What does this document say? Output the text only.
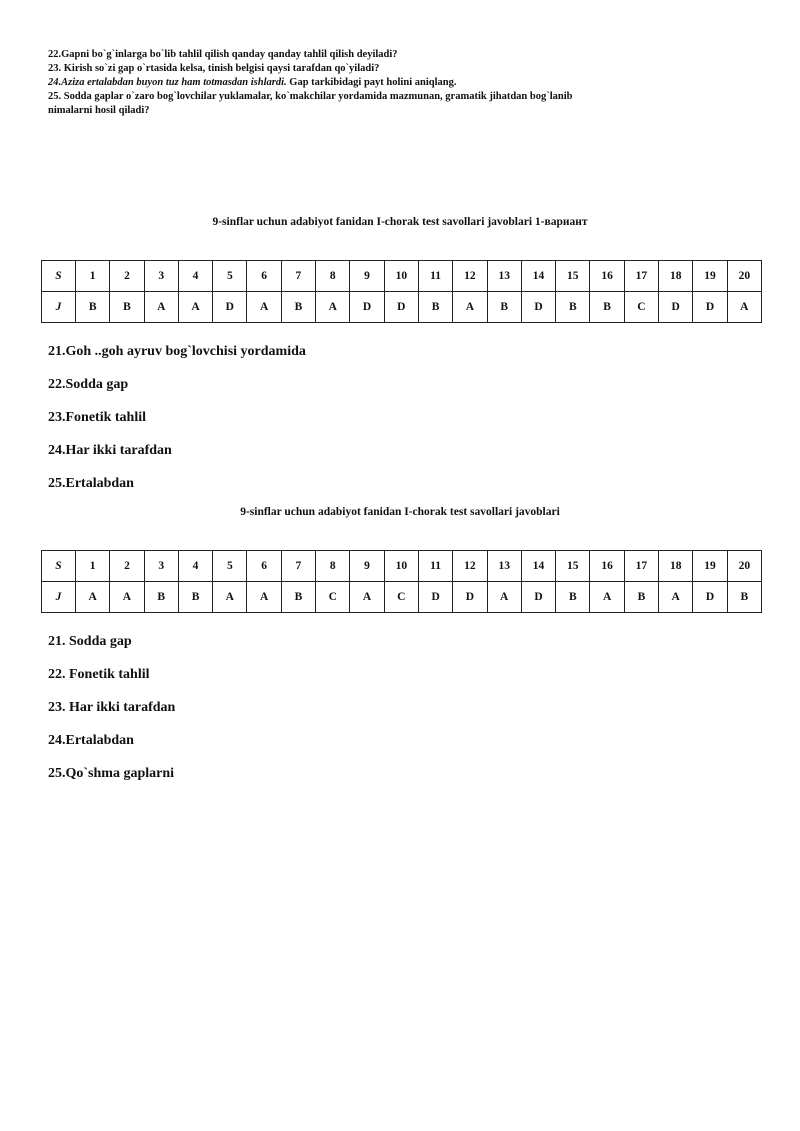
22.Gapni bo`g`inlarga bo`lib tahlil qilish qanday qanday tahlil qilish deyiladi?
23. Kirish so`zi gap o`rtasida kelsa, tinish belgisi qaysi tarafdan qo`yiladi?
24.Aziza ertalabdan buyon tuz ham totmasdan ishlardi. Gap tarkibidagi payt holini aniqlang.
25. Sodda gaplar o`zaro bog`lovchilar yuklamalar, ko`makchilar yordamida mazmunan, gramatik jihatdan bog`lanib
nimalarni hosil qiladi?
9-sinflar uchun adabiyot fanidan I-chorak test savollari javoblari 1-вариант
S	1	2	3	4	5	6	7	8	9	10	11	12	13	14	15	16	17	18	19	20
J	B	B	A	A	D	A	B	A	D	D	B	A	B	D	B	B	C	D	D	A
21.Goh ..goh ayruv bog`lovchisi yordamida
22.Sodda gap
23.Fonetik tahlil
24.Har ikki tarafdan
25.Ertalabdan
9-sinflar uchun adabiyot fanidan I-chorak test savollari javoblari
S	1	2	3	4	5	6	7	8	9	10	11	12	13	14	15	16	17	18	19	20
J	A	A	B	B	A	A	B	C	A	C	D	D	A	D	B	A	B	A	D	B
21. Sodda gap
22. Fonetik tahlil
23. Har ikki tarafdan
24.Ertalabdan
25.Qo`shma gaplarni
